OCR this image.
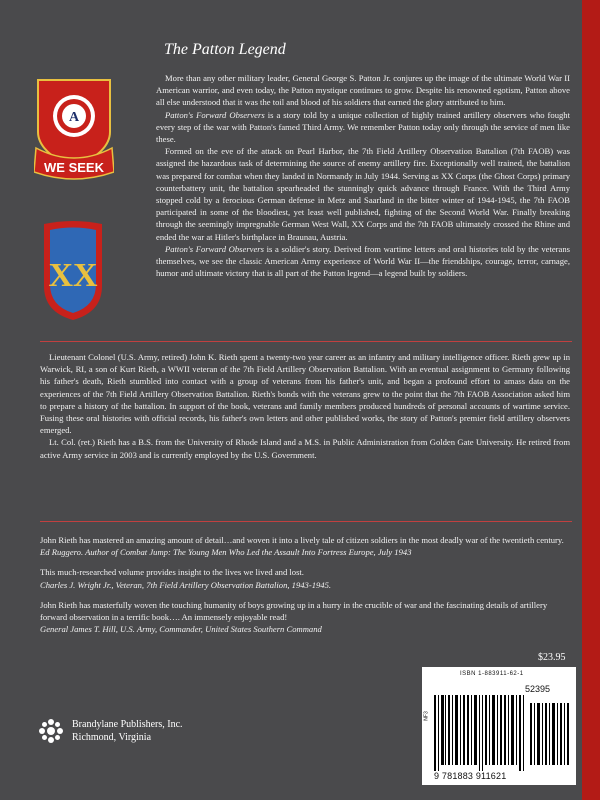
The Patton Legend
A
WE SEEK
XX

More than any other military leader, General George S. Patton Jr. conjures up the image of the ultimate World War II American warrior, and even today, the Patton mystique continues to grow. Despite his renowned egotism, Patton above all else understood that it was the toil and blood of his soldiers that earned the glory attributed to him.

Patton's Forward Observers is a story told by a unique collection of highly trained artillery observers who fought every step of the war with Patton's famed Third Army. We remember Patton today only through the service of men like these.

Formed on the eve of the attack on Pearl Harbor, the 7th Field Artillery Observation Battalion (7th FAOB) was assigned the hazardous task of determining the source of enemy artillery fire. Exceptionally well trained, the battalion was prepared for combat when they landed in Normandy in July 1944. Serving as XX Corps (the Ghost Corps) primary counterbattery unit, the battalion spearheaded the stunningly quick advance through France. With the Third Army stopped cold by a ferocious German defense in Metz and Saarland in the bitter winter of 1944-1945, the 7th FAOB participated in some of the bloodiest, yet least well published, fighting of the Second World War. Finally breaking through the seemingly impregnable German West Wall, XX Corps and the 7th FAOB ultimately crossed the Rhine and ended the war at Hitler's birthplace in Braunau, Austria.

Patton's Forward Observers is a soldier's story. Derived from wartime letters and oral histories told by the veterans themselves, we see the classic American Army experience of World War II—the friendships, courage, terror, carnage, humor and ultimate victory that is all part of the Patton legend—a legend built by soldiers.

Lieutenant Colonel (U.S. Army, retired) John K. Rieth spent a twenty-two year career as an infantry and military intelligence officer. Rieth grew up in Warwick, RI, a son of Kurt Rieth, a WWII veteran of the 7th Field Artillery Observation Battalion. With an eventual assignment to Germany following his father's death, Rieth stumbled into contact with a group of veterans from his father's unit, and began a profound effort to amass data on the experiences of the 7th Field Artillery Observation Battalion. Rieth's bonds with the veterans grew to the point that the 7th FAOB Association asked him to prepare a history of the battalion. In support of the book, veterans and family members produced hundreds of personal accounts of wartime service. Fusing these oral histories with official records, his father's own letters and other published works, the story of Patton's premier field artillery observers emerged.

Lt. Col. (ret.) Rieth has a B.S. from the University of Rhode Island and a M.S. in Public Administration from Golden Gate University. He retired from active Army service in 2003 and is currently employed by the U.S. Government.

John Rieth has mastered an amazing amount of detail…and woven it into a lively tale of citizen soldiers in the most deadly war of the twentieth century. Ed Ruggero. Author of Combat Jump: The Young Men Who Led the Assault Into Fortress Europe, July 1943

This much-researched volume provides insight to the lives we lived and lost.
Charles J. Wright Jr., Veteran, 7th Field Artillery Observation Battalion, 1943-1945.

John Rieth has masterfully woven the touching humanity of boys growing up in a hurry in the crucible of war and the fascinating details of artillery forward observation in a terrific book…. An immensely enjoyable read!
General James T. Hill, U.S. Army, Commander, United States Southern Command

$23.95
ISBN 1-883911-62-1
52395
NF3
9 781883 911621
Brandylane Publishers, Inc.
Richmond, Virginia
